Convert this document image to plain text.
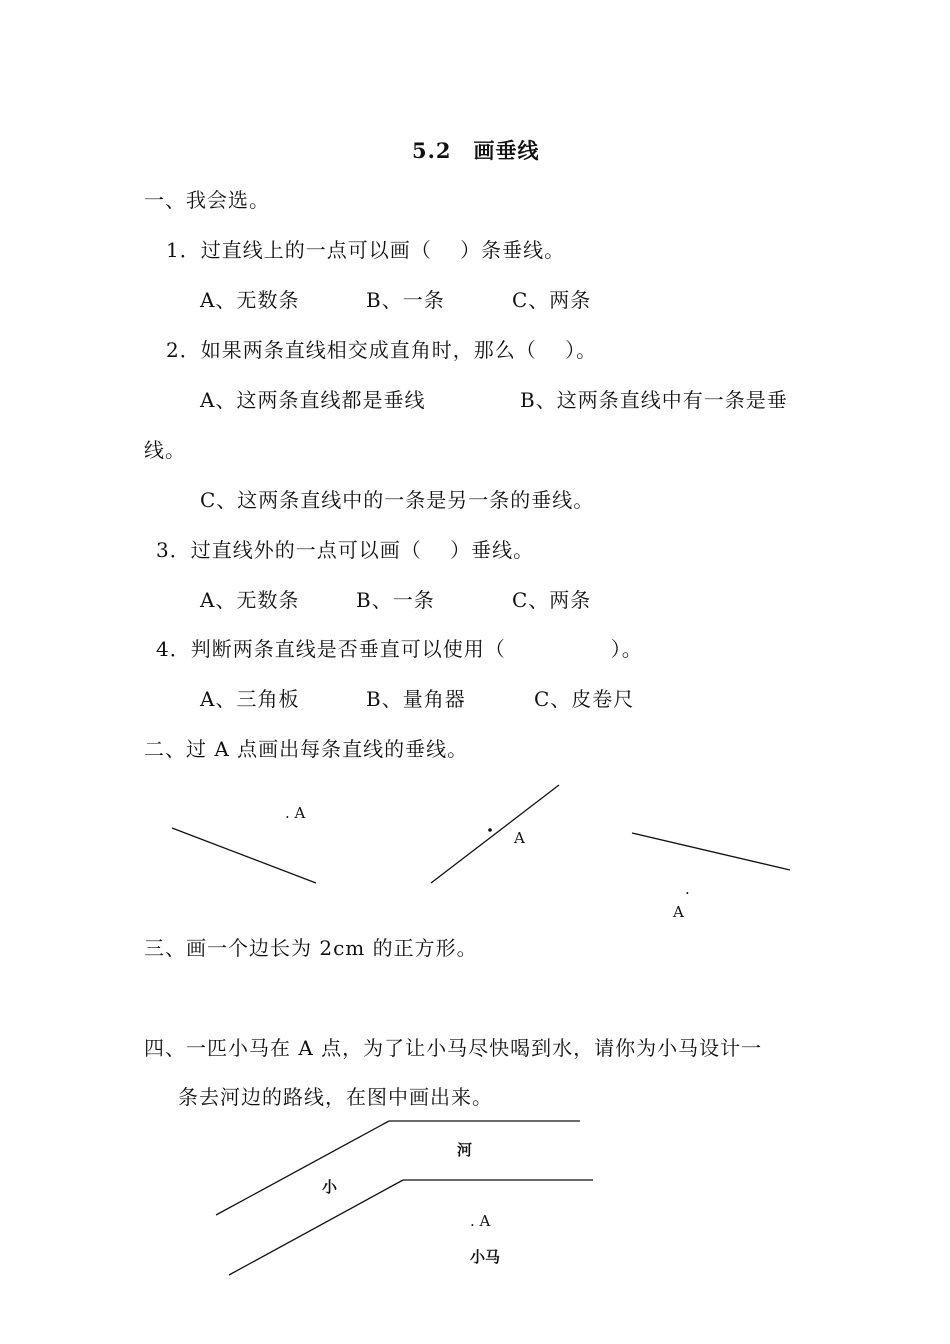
5.2　画垂线
一、我会选。
1．过直线上的一点可以画（　 ）条垂线。
A、无数条	B、一条	C、两条
2．如果两条直线相交成直角时，那么（　 ）。
A、这两条直线都是垂线	B、这两条直线中有一条是垂
线。
C、这两条直线中的一条是另一条的垂线。
3．过直线外的一点可以画（　 ）垂线。
A、无数条	B、一条	C、两条
4．判断两条直线是否垂直可以使用（　　　　　）。
A、三角板	B、量角器	C、皮卷尺
二、过 A 点画出每条直线的垂线。
. A
A
.
A
三、画一个边长为 2cm 的正方形。
四、一匹小马在 A 点，为了让小马尽快喝到水，请你为小马设计一
条去河边的路线，在图中画出来。
河
小
. A
小马
